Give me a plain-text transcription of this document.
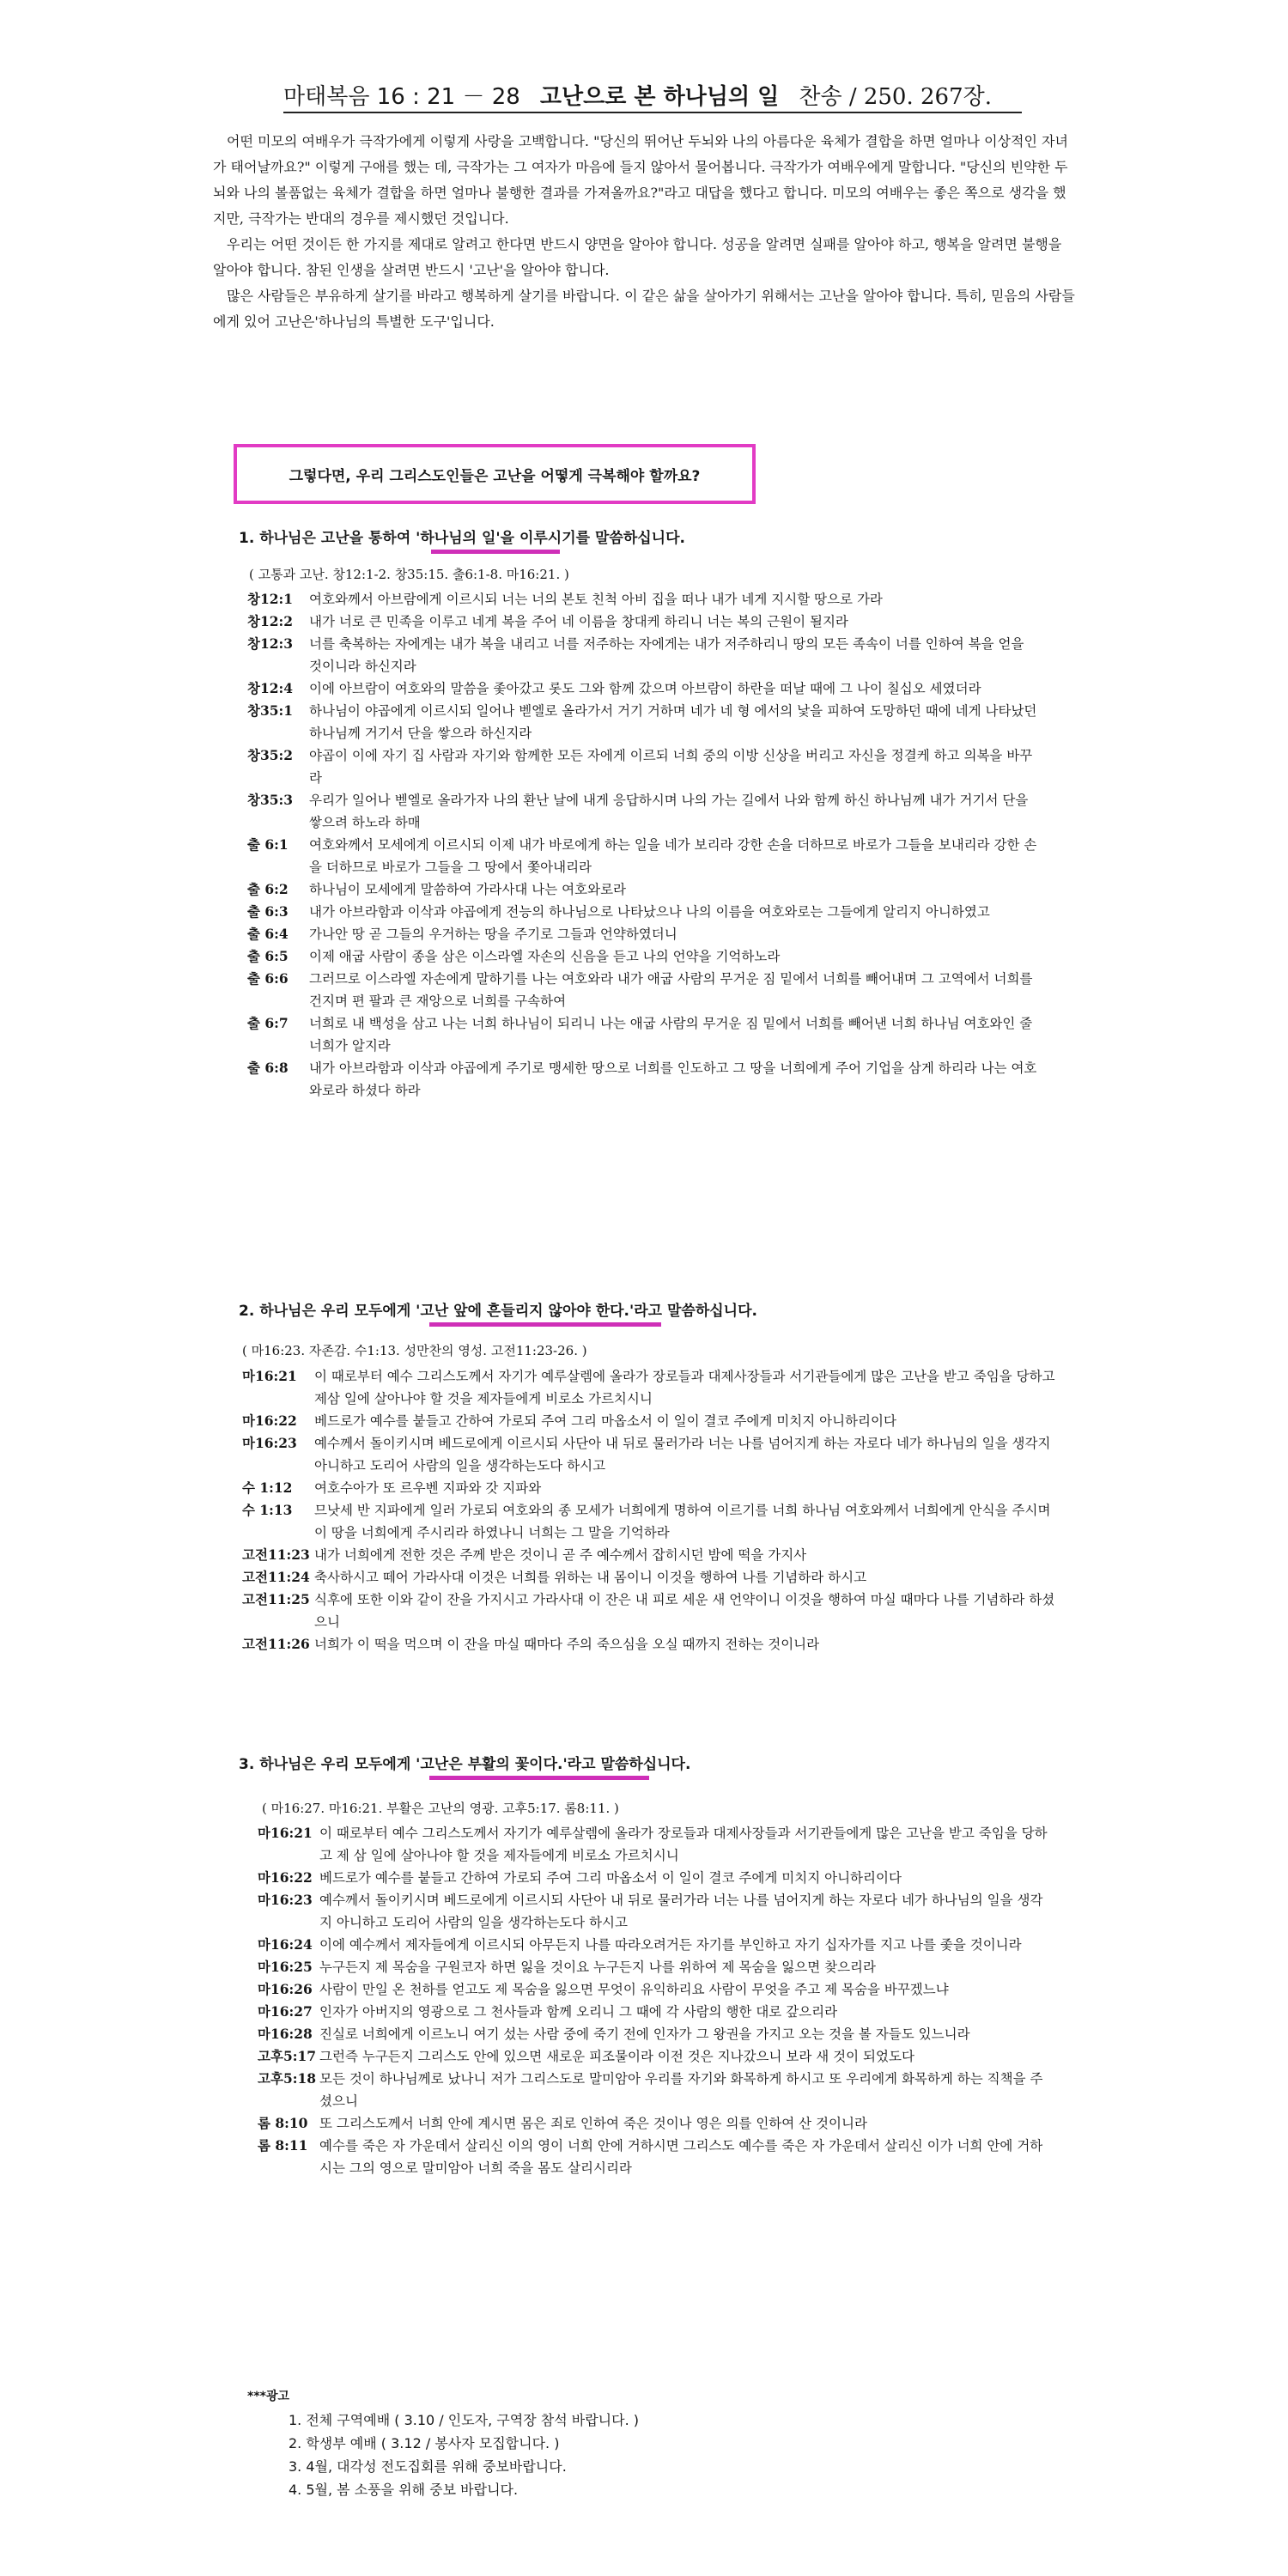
마태복음 16 : 21 － 28 고난으로 본 하나님의 일 찬송 / 250. 267장.

어떤 미모의 여배우가 극작가에게 이렇게 사랑을 고백합니다. "당신의 뛰어난 두뇌와 나의 아름다운 육체가 결합을 하면 얼마나 이상적인 자녀가 태어날까요?" 이렇게 구애를 했는 데, 극작가는 그 여자가 마음에 들지 않아서 물어봅니다. 극작가가 여배우에게 말합니다. "당신의 빈약한 두뇌와 나의 볼품없는 육체가 결합을 하면 얼마나 불행한 결과를 가져올까요?"라고 대답을 했다고 합니다. 미모의 여배우는 좋은 쪽으로 생각을 했지만, 극작가는 반대의 경우를 제시했던 것입니다.

우리는 어떤 것이든 한 가지를 제대로 알려고 한다면 반드시 양면을 알아야 합니다. 성공을 알려면 실패를 알아야 하고, 행복을 알려면 불행을 알아야 합니다. 참된 인생을 살려면 반드시 '고난'을 알아야 합니다.

많은 사람들은 부유하게 살기를 바라고 행복하게 살기를 바랍니다. 이 같은 삶을 살아가기 위해서는 고난을 알아야 합니다. 특히, 믿음의 사람들에게 있어 고난은'하나님의 특별한 도구'입니다.

그렇다면, 우리 그리스도인들은 고난을 어떻게 극복해야 할까요?
1. 하나님은 고난을 통하여 '하나님의 일'을 이루시기를 말씀하십니다.
( 고통과 고난. 창12:1-2. 창35:15. 출6:1-8. 마16:21. )
창12:1	여호와께서 아브람에게 이르시되 너는 너의 본토 친척 아비 집을 떠나 내가 네게 지시할 땅으로 가라
창12:2	내가 너로 큰 민족을 이루고 네게 복을 주어 네 이름을 창대케 하리니 너는 복의 근원이 될지라
창12:3	너를 축복하는 자에게는 내가 복을 내리고 너를 저주하는 자에게는 내가 저주하리니 땅의 모든 족속이 너를 인하여 복을 얻을 것이니라 하신지라
창12:4	이에 아브람이 여호와의 말씀을 좇아갔고 롯도 그와 함께 갔으며 아브람이 하란을 떠날 때에 그 나이 칠십오 세였더라
창35:1	하나님이 야곱에게 이르시되 일어나 벧엘로 올라가서 거기 거하며 네가 네 형 에서의 낯을 피하여 도망하던 때에 네게 나타났던 하나님께 거기서 단을 쌓으라 하신지라
창35:2	야곱이 이에 자기 집 사람과 자기와 함께한 모든 자에게 이르되 너희 중의 이방 신상을 버리고 자신을 정결케 하고 의복을 바꾸라
창35:3	우리가 일어나 벧엘로 올라가자 나의 환난 날에 내게 응답하시며 나의 가는 길에서 나와 함께 하신 하나님께 내가 거기서 단을 쌓으려 하노라 하매
출 6:1	여호와께서 모세에게 이르시되 이제 내가 바로에게 하는 일을 네가 보리라 강한 손을 더하므로 바로가 그들을 보내리라 강한 손을 더하므로 바로가 그들을 그 땅에서 쫓아내리라
출 6:2	하나님이 모세에게 말씀하여 가라사대 나는 여호와로라
출 6:3	내가 아브라함과 이삭과 야곱에게 전능의 하나님으로 나타났으나 나의 이름을 여호와로는 그들에게 알리지 아니하였고
출 6:4	가나안 땅 곧 그들의 우거하는 땅을 주기로 그들과 언약하였더니
출 6:5	이제 애굽 사람이 종을 삼은 이스라엘 자손의 신음을 듣고 나의 언약을 기억하노라
출 6:6	그러므로 이스라엘 자손에게 말하기를 나는 여호와라 내가 애굽 사람의 무거운 짐 밑에서 너희를 빼어내며 그 고역에서 너희를 건지며 편 팔과 큰 재앙으로 너희를 구속하여
출 6:7	너희로 내 백성을 삼고 나는 너희 하나님이 되리니 나는 애굽 사람의 무거운 짐 밑에서 너희를 빼어낸 너희 하나님 여호와인 줄 너희가 알지라
출 6:8	내가 아브라함과 이삭과 야곱에게 주기로 맹세한 땅으로 너희를 인도하고 그 땅을 너희에게 주어 기업을 삼게 하리라 나는 여호와로라 하셨다 하라
2. 하나님은 우리 모두에게 '고난 앞에 흔들리지 않아야 한다.'라고 말씀하십니다.
( 마16:23. 자존감. 수1:13. 성만찬의 영성. 고전11:23-26. )
마16:21	이 때로부터 예수 그리스도께서 자기가 예루살렘에 올라가 장로들과 대제사장들과 서기관들에게 많은 고난을 받고 죽임을 당하고 제삼 일에 살아나야 할 것을 제자들에게 비로소 가르치시니
마16:22	베드로가 예수를 붙들고 간하여 가로되 주여 그리 마옵소서 이 일이 결코 주에게 미치지 아니하리이다
마16:23	예수께서 돌이키시며 베드로에게 이르시되 사단아 내 뒤로 물러가라 너는 나를 넘어지게 하는 자로다 네가 하나님의 일을 생각지 아니하고 도리어 사람의 일을 생각하는도다 하시고
수 1:12	여호수아가 또 르우벤 지파와 갓 지파와
수 1:13	므낫세 반 지파에게 일러 가로되 여호와의 종 모세가 너희에게 명하여 이르기를 너희 하나님 여호와께서 너희에게 안식을 주시며 이 땅을 너희에게 주시리라 하였나니 너희는 그 말을 기억하라
고전11:23 내가 너희에게 전한 것은 주께 받은 것이니 곧 주 예수께서 잡히시던 밤에 떡을 가지사
고전11:24 축사하시고 떼어 가라사대 이것은 너희를 위하는 내 몸이니 이것을 행하여 나를 기념하라 하시고
고전11:25 식후에 또한 이와 같이 잔을 가지시고 가라사대 이 잔은 내 피로 세운 새 언약이니 이것을 행하여 마실 때마다 나를 기념하라 하셨으니
고전11:26 너희가 이 떡을 먹으며 이 잔을 마실 때마다 주의 죽으심을 오실 때까지 전하는 것이니라
3. 하나님은 우리 모두에게 '고난은 부활의 꽃이다.'라고 말씀하십니다.
( 마16:27. 마16:21. 부활은 고난의 영광. 고후5:17. 롬8:11. )
마16:21 이 때로부터 예수 그리스도께서 자기가 예루살렘에 올라가 장로들과 대제사장들과 서기관들에게 많은 고난을 받고 죽임을 당하고 제 삼 일에 살아나야 할 것을 제자들에게 비로소 가르치시니
마16:22 베드로가 예수를 붙들고 간하여 가로되 주여 그리 마옵소서 이 일이 결코 주에게 미치지 아니하리이다
마16:23 예수께서 돌이키시며 베드로에게 이르시되 사단아 내 뒤로 물러가라 너는 나를 넘어지게 하는 자로다 네가 하나님의 일을 생각지 아니하고 도리어 사람의 일을 생각하는도다 하시고
마16:24 이에 예수께서 제자들에게 이르시되 아무든지 나를 따라오려거든 자기를 부인하고 자기 십자가를 지고 나를 좇을 것이니라
마16:25 누구든지 제 목숨을 구원코자 하면 잃을 것이요 누구든지 나를 위하여 제 목숨을 잃으면 찾으리라
마16:26 사람이 만일 온 천하를 얻고도 제 목숨을 잃으면 무엇이 유익하리요 사람이 무엇을 주고 제 목숨을 바꾸겠느냐
마16:27 인자가 아버지의 영광으로 그 천사들과 함께 오리니 그 때에 각 사람의 행한 대로 갚으리라
마16:28 진실로 너희에게 이르노니 여기 섰는 사람 중에 죽기 전에 인자가 그 왕권을 가지고 오는 것을 볼 자들도 있느니라
고후5:17 그런즉 누구든지 그리스도 안에 있으면 새로운 피조물이라 이전 것은 지나갔으니 보라 새 것이 되었도다
고후5:18 모든 것이 하나님께로 났나니 저가 그리스도로 말미암아 우리를 자기와 화목하게 하시고 또 우리에게 화목하게 하는 직책을 주셨으니
롬 8:10 또 그리스도께서 너희 안에 계시면 몸은 죄로 인하여 죽은 것이나 영은 의를 인하여 산 것이니라
롬 8:11 예수를 죽은 자 가운데서 살리신 이의 영이 너희 안에 거하시면 그리스도 예수를 죽은 자 가운데서 살리신 이가 너희 안에 거하시는 그의 영으로 말미암아 너희 죽을 몸도 살리시리라
***광고
1. 전체 구역예배 ( 3.10 / 인도자, 구역장 참석 바랍니다. )
2. 학생부 예배 ( 3.12 / 봉사자 모집합니다. )
3. 4월, 대각성 전도집회를 위해 중보바랍니다.
4. 5월, 봄 소풍을 위해 중보 바랍니다.
